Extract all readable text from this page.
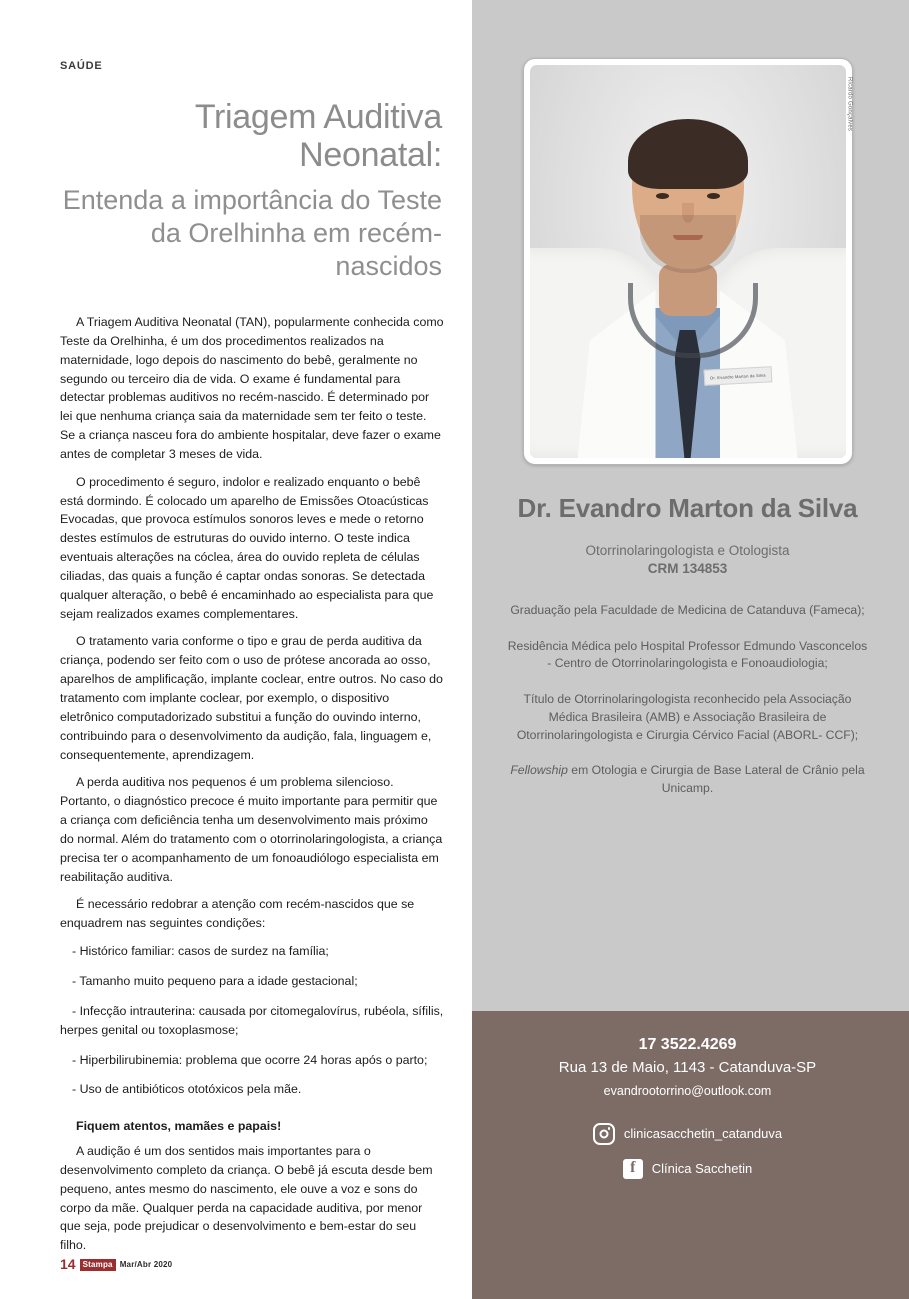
SAÚDE
Triagem Auditiva
Neonatal:
Entenda a importância do Teste da Orelhinha em recém-nascidos

A Triagem Auditiva Neonatal (TAN), popularmente conhecida como Teste da Orelhinha, é um dos procedimentos realizados na maternidade, logo depois do nascimento do bebê, geralmente no segundo ou terceiro dia de vida. O exame é fundamental para detectar problemas auditivos no recém-nascido. É determinado por lei que nenhuma criança saia da maternidade sem ter feito o teste. Se a criança nasceu fora do ambiente hospitalar, deve fazer o exame antes de completar 3 meses de vida.

O procedimento é seguro, indolor e realizado enquanto o bebê está dormindo. É colocado um aparelho de Emissões Otoacústicas Evocadas, que provoca estímulos sonoros leves e mede o retorno destes estímulos de estruturas do ouvido interno. O teste indica eventuais alterações na cóclea, área do ouvido repleta de células ciliadas, das quais a função é captar ondas sonoras. Se detectada qualquer alteração, o bebê é encaminhado ao especialista para que sejam realizados exames complementares.

O tratamento varia conforme o tipo e grau de perda auditiva da criança, podendo ser feito com o uso de prótese ancorada ao osso, aparelhos de amplificação, implante coclear, entre outros. No caso do tratamento com implante coclear, por exemplo, o dispositivo eletrônico computadorizado substitui a função do ouvindo interno, contribuindo para o desenvolvimento da audição, fala, linguagem e, consequentemente, aprendizagem.

A perda auditiva nos pequenos é um problema silencioso. Portanto, o diagnóstico precoce é muito importante para permitir que a criança com deficiência tenha um desenvolvimento mais próximo do normal. Além do tratamento com o otorrinolaringologista, a criança precisa ter o acompanhamento de um fonoaudiólogo especialista em reabilitação auditiva.

É necessário redobrar a atenção com recém-nascidos que se enquadrem nas seguintes condições:

- Histórico familiar: casos de surdez na família;

- Tamanho muito pequeno para a idade gestacional;

- Infecção intrauterina: causada por citomegalovírus, rubéola, sífilis, herpes genital ou toxoplasmose;

- Hiperbilirubinemia: problema que ocorre 24 horas após o parto;

- Uso de antibióticos ototóxicos pela mãe.

Fiquem atentos, mamães e papais!

A audição é um dos sentidos mais importantes para o desenvolvimento completo da criança. O bebê já escuta desde bem pequeno, antes mesmo do nascimento, ele ouve a voz e sons do corpo da mãe. Qualquer perda na capacidade auditiva, por menor que seja, pode prejudicar o desenvolvimento e bem-estar do seu filho.

14 Stampa Mar/Abr 2020
Dr. Evandro Marton da Silva
Ricardo Gonçalves
Dr. Evandro Marton da Silva
Otorrinolaringologista e Otologista
CRM 134853

Graduação pela Faculdade de Medicina de Catanduva (Fameca);

Residência Médica pelo Hospital Professor Edmundo Vasconcelos - Centro de Otorrinolaringologista e Fonoaudiologia;

Título de Otorrinolaringologista reconhecido pela Associação Médica Brasileira (AMB) e Associação Brasileira de Otorrinolaringologista e Cirurgia Cérvico Facial (ABORL- CCF);

Fellowship em Otologia e Cirurgia de Base Lateral de Crânio pela Unicamp.

17 3522.4269
Rua 13 de Maio, 1143 - Catanduva-SP
evandrootorrino@outlook.com
clinicasacchetin_catanduva
f
Clínica Sacchetin
